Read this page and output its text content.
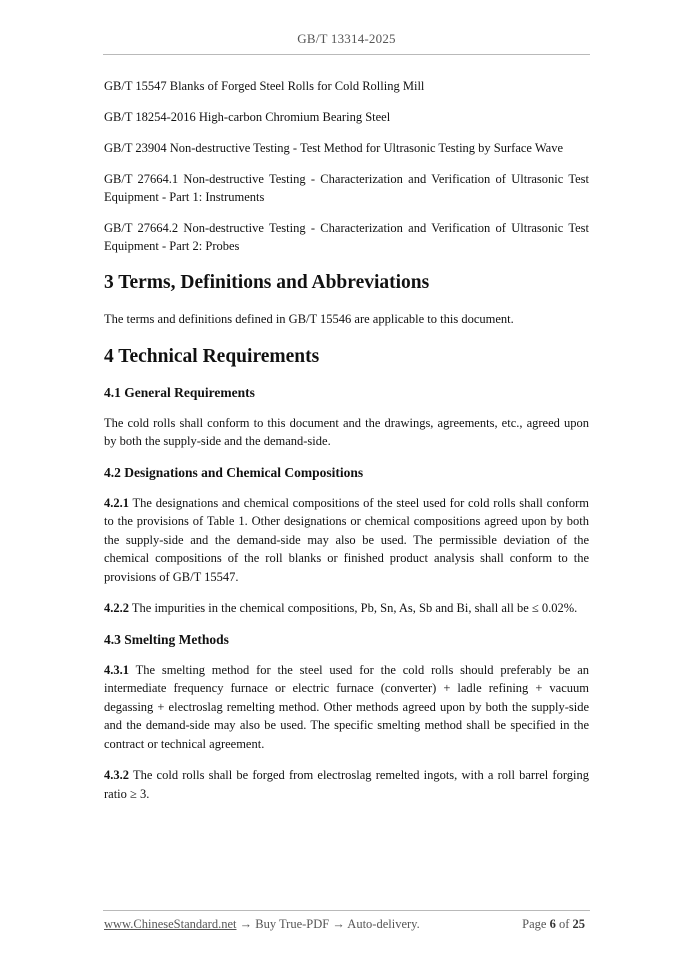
GB/T 13314-2025

GB/T 15547 Blanks of Forged Steel Rolls for Cold Rolling Mill

GB/T 18254-2016 High-carbon Chromium Bearing Steel

GB/T 23904 Non-destructive Testing - Test Method for Ultrasonic Testing by Surface Wave

GB/T 27664.1 Non-destructive Testing - Characterization and Verification of Ultrasonic Test Equipment - Part 1: Instruments

GB/T 27664.2 Non-destructive Testing - Characterization and Verification of Ultrasonic Test Equipment - Part 2: Probes

3 Terms, Definitions and Abbreviations

The terms and definitions defined in GB/T 15546 are applicable to this document.

4 Technical Requirements
4.1 General Requirements

The cold rolls shall conform to this document and the drawings, agreements, etc., agreed upon by both the supply-side and the demand-side.

4.2 Designations and Chemical Compositions

4.2.1 The designations and chemical compositions of the steel used for cold rolls shall conform to the provisions of Table 1. Other designations or chemical compositions agreed upon by both the supply-side and the demand-side may also be used. The permissible deviation of the chemical compositions of the roll blanks or finished product analysis shall conform to the provisions of GB/T 15547.

4.2.2 The impurities in the chemical compositions, Pb, Sn, As, Sb and Bi, shall all be ≤ 0.02%.

4.3 Smelting Methods

4.3.1 The smelting method for the steel used for the cold rolls should preferably be an intermediate frequency furnace or electric furnace (converter) + ladle refining + vacuum degassing + electroslag remelting method. Other methods agreed upon by both the supply-side and the demand-side may also be used. The specific smelting method shall be specified in the contract or technical agreement.

4.3.2 The cold rolls shall be forged from electroslag remelted ingots, with a roll barrel forging ratio ≥ 3.

www.ChineseStandard.net → Buy True-PDF → Auto-delivery.	Page 6 of 25
